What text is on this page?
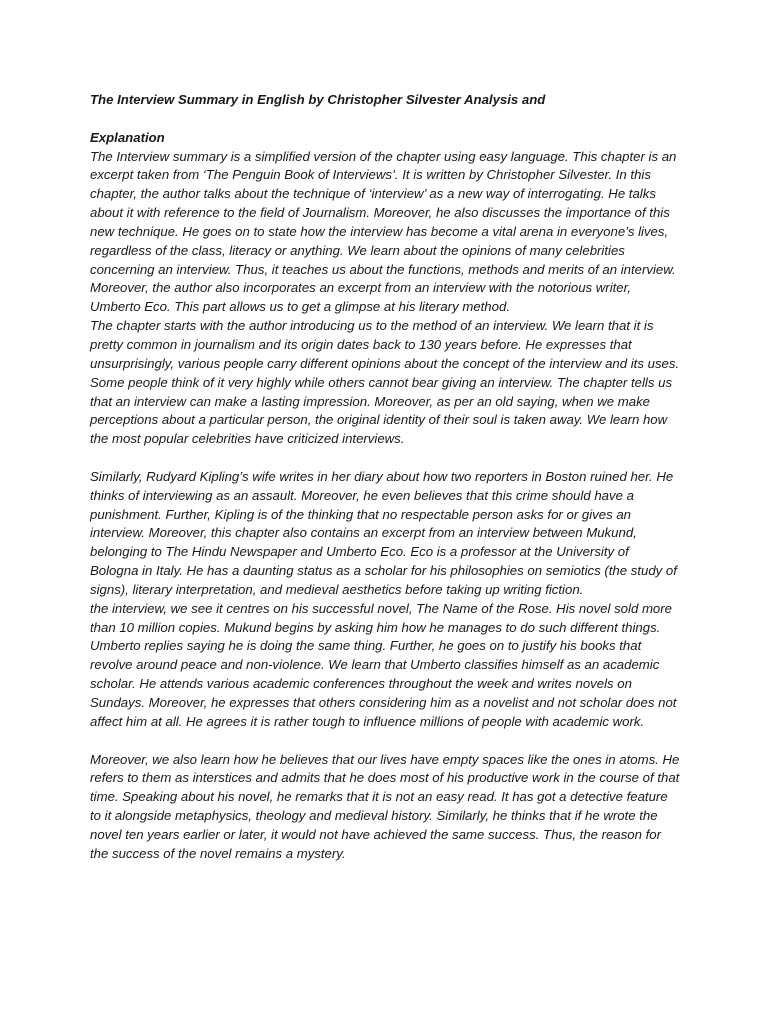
The Interview Summary in English by Christopher Silvester Analysis and
Explanation

The Interview summary is a simplified version of the chapter using easy language. This chapter is an excerpt taken from ‘The Penguin Book of Interviews’. It is written by Christopher Silvester. In this chapter, the author talks about the technique of ‘interview’ as a new way of interrogating. He talks about it with reference to the field of Journalism. Moreover, he also discusses the importance of this new technique. He goes on to state how the interview has become a vital arena in everyone’s lives, regardless of the class, literacy or anything. We learn about the opinions of many celebrities concerning an interview. Thus, it teaches us about the functions, methods and merits of an interview. Moreover, the author also incorporates an excerpt from an interview with the notorious writer, Umberto Eco. This part allows us to get a glimpse at his literary method.

The chapter starts with the author introducing us to the method of an interview. We learn that it is pretty common in journalism and its origin dates back to 130 years before. He expresses that unsurprisingly, various people carry different opinions about the concept of the interview and its uses. Some people think of it very highly while others cannot bear giving an interview. The chapter tells us that an interview can make a lasting impression. Moreover, as per an old saying, when we make perceptions about a particular person, the original identity of their soul is taken away. We learn how the most popular celebrities have criticized interviews.

Similarly, Rudyard Kipling’s wife writes in her diary about how two reporters in Boston ruined her. He thinks of interviewing as an assault. Moreover, he even believes that this crime should have a punishment. Further, Kipling is of the thinking that no respectable person asks for or gives an interview. Moreover, this chapter also contains an excerpt from an interview between Mukund, belonging to The Hindu Newspaper and Umberto Eco. Eco is a professor at the University of Bologna in Italy. He has a daunting status as a scholar for his philosophies on semiotics (the study of signs), literary interpretation, and medieval aesthetics before taking up writing fiction.

the interview, we see it centres on his successful novel, The Name of the Rose. His novel sold more than 10 million copies. Mukund begins by asking him how he manages to do such different things. Umberto replies saying he is doing the same thing. Further, he goes on to justify his books that revolve around peace and non-violence. We learn that Umberto classifies himself as an academic scholar. He attends various academic conferences throughout the week and writes novels on Sundays. Moreover, he expresses that others considering him as a novelist and not scholar does not affect him at all. He agrees it is rather tough to influence millions of people with academic work.

Moreover, we also learn how he believes that our lives have empty spaces like the ones in atoms. He refers to them as interstices and admits that he does most of his productive work in the course of that time. Speaking about his novel, he remarks that it is not an easy read. It has got a detective feature to it alongside metaphysics, theology and medieval history. Similarly, he thinks that if he wrote the novel ten years earlier or later, it would not have achieved the same success. Thus, the reason for the success of the novel remains a mystery.
